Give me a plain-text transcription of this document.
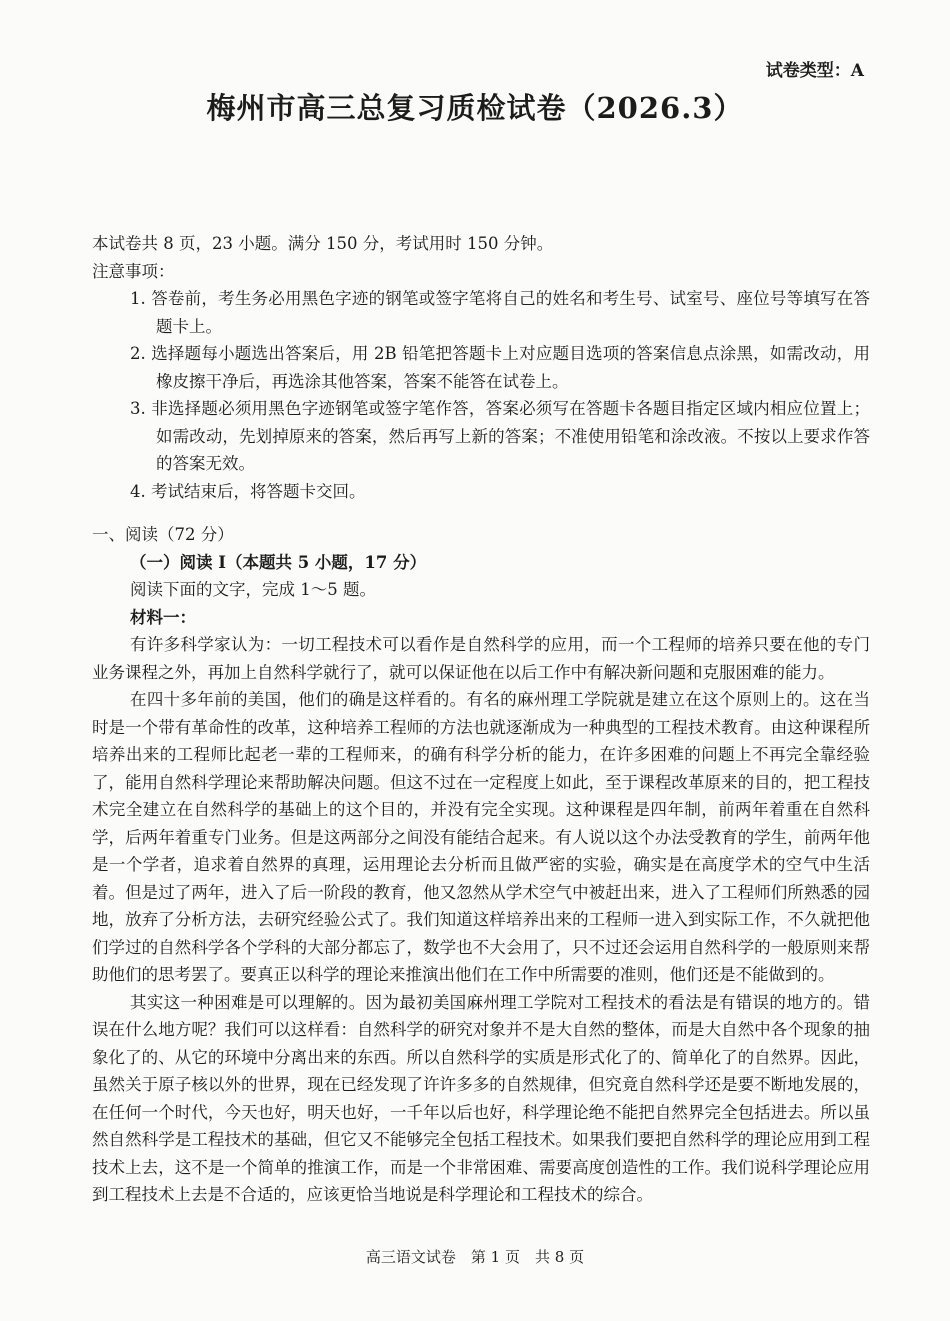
试卷类型：A
梅州市高三总复习质检试卷（2026.3）

本试卷共 8 页，23 小题。满分 150 分，考试用时 150 分钟。

注意事项：

1. 答卷前，考生务必用黑色字迹的钢笔或签字笔将自己的姓名和考生号、试室号、座位号等填写在答题卡上。

2. 选择题每小题选出答案后，用 2B 铅笔把答题卡上对应题目选项的答案信息点涂黑，如需改动，用橡皮擦干净后，再选涂其他答案，答案不能答在试卷上。

3. 非选择题必须用黑色字迹钢笔或签字笔作答，答案必须写在答题卡各题目指定区域内相应位置上；如需改动，先划掉原来的答案，然后再写上新的答案；不准使用铅笔和涂改液。不按以上要求作答的答案无效。

4. 考试结束后，将答题卡交回。

一、阅读（72 分）

（一）阅读 I（本题共 5 小题，17 分）

阅读下面的文字，完成 1～5 题。

材料一：

有许多科学家认为：一切工程技术可以看作是自然科学的应用，而一个工程师的培养只要在他的专门业务课程之外，再加上自然科学就行了，就可以保证他在以后工作中有解决新问题和克服困难的能力。

在四十多年前的美国，他们的确是这样看的。有名的麻州理工学院就是建立在这个原则上的。这在当时是一个带有革命性的改革，这种培养工程师的方法也就逐渐成为一种典型的工程技术教育。由这种课程所培养出来的工程师比起老一辈的工程师来，的确有科学分析的能力，在许多困难的问题上不再完全靠经验了，能用自然科学理论来帮助解决问题。但这不过在一定程度上如此，至于课程改革原来的目的，把工程技术完全建立在自然科学的基础上的这个目的，并没有完全实现。这种课程是四年制，前两年着重在自然科学，后两年着重专门业务。但是这两部分之间没有能结合起来。有人说以这个办法受教育的学生，前两年他是一个学者，追求着自然界的真理，运用理论去分析而且做严密的实验，确实是在高度学术的空气中生活着。但是过了两年，进入了后一阶段的教育，他又忽然从学术空气中被赶出来，进入了工程师们所熟悉的园地，放弃了分析方法，去研究经验公式了。我们知道这样培养出来的工程师一进入到实际工作，不久就把他们学过的自然科学各个学科的大部分都忘了，数学也不大会用了，只不过还会运用自然科学的一般原则来帮助他们的思考罢了。要真正以科学的理论来推演出他们在工作中所需要的准则，他们还是不能做到的。

其实这一种困难是可以理解的。因为最初美国麻州理工学院对工程技术的看法是有错误的地方的。错误在什么地方呢？我们可以这样看：自然科学的研究对象并不是大自然的整体，而是大自然中各个现象的抽象化了的、从它的环境中分离出来的东西。所以自然科学的实质是形式化了的、简单化了的自然界。因此，虽然关于原子核以外的世界，现在已经发现了许许多多的自然规律，但究竟自然科学还是要不断地发展的，在任何一个时代，今天也好，明天也好，一千年以后也好，科学理论绝不能把自然界完全包括进去。所以虽然自然科学是工程技术的基础，但它又不能够完全包括工程技术。如果我们要把自然科学的理论应用到工程技术上去，这不是一个简单的推演工作，而是一个非常困难、需要高度创造性的工作。我们说科学理论应用到工程技术上去是不合适的，应该更恰当地说是科学理论和工程技术的综合。

高三语文试卷　第 1 页　共 8 页
